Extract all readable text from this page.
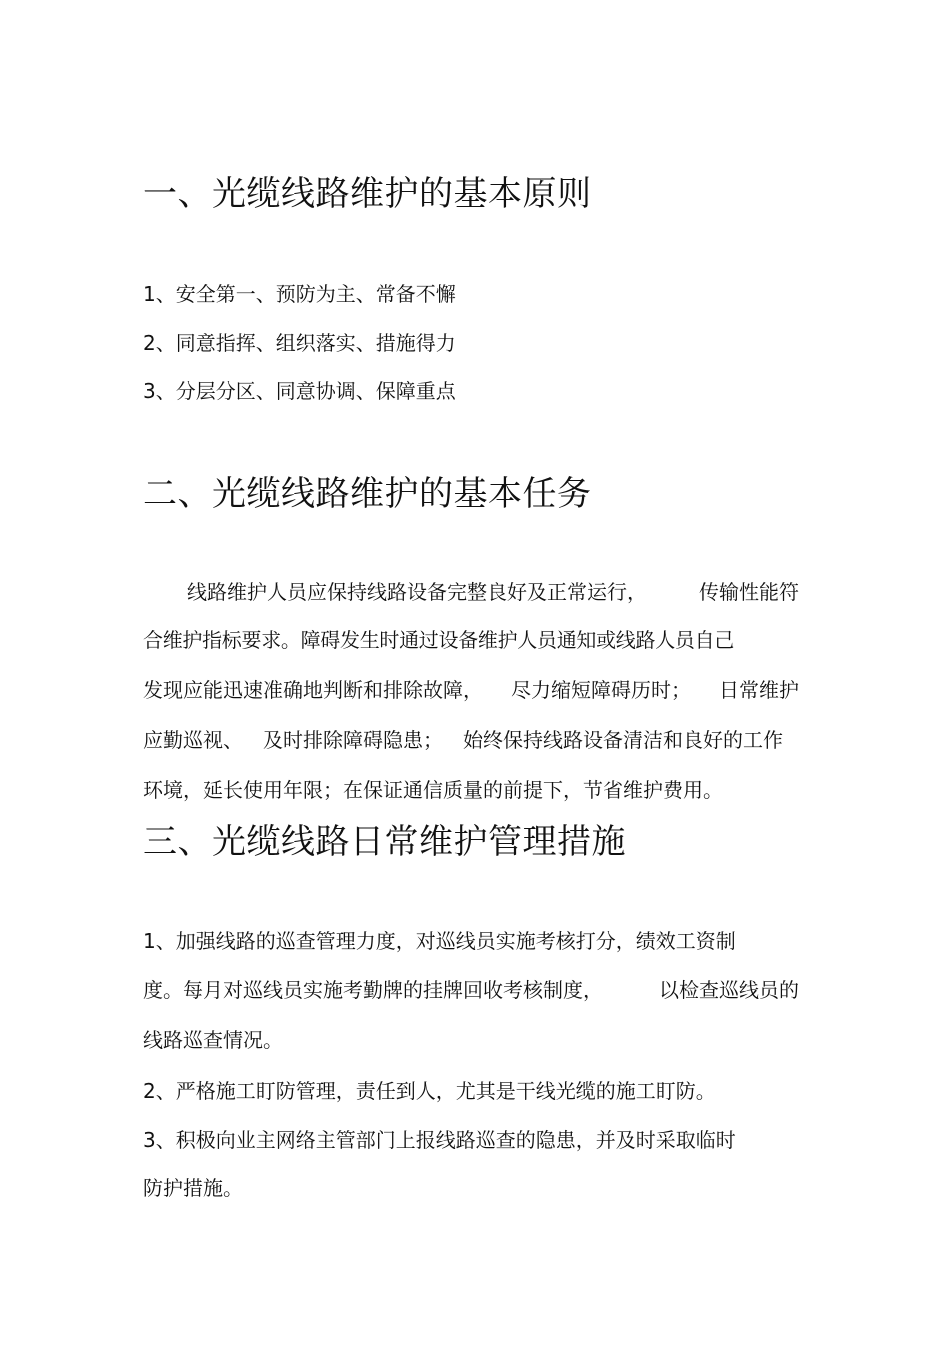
一、光缆线路维护的基本原则

1、安全第一、预防为主、常备不懈

2、同意指挥、组织落实、措施得力

3、分层分区、同意协调、保障重点

二、光缆线路维护的基本任务
线路维护人员应保持线路设备完整良好及正常运行，	传输性能符

合维护指标要求。障碍发生时通过设备维护人员通知或线路人员自己

发现应能迅速准确地判断和排除故障， 尽力缩短障碍历时； 日常维护
应勤巡视、 及时排除障碍隐患； 始终保持线路设备清洁和良好的工作

环境，延长使用年限；在保证通信质量的前提下，节省维护费用。

三、光缆线路日常维护管理措施

1、加强线路的巡查管理力度，对巡线员实施考核打分，绩效工资制

度。每月对巡线员实施考勤牌的挂牌回收考核制度，	以检查巡线员的

线路巡查情况。

2、严格施工盯防管理，责任到人，尤其是干线光缆的施工盯防。

3、积极向业主网络主管部门上报线路巡查的隐患，并及时采取临时

防护措施。
